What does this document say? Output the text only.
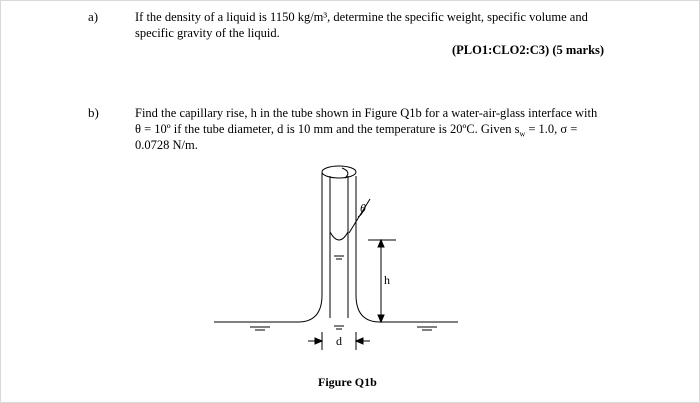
a)	If the density of a liquid is 1150 kg/m³, determine the specific weight, specific volume and
specific gravity of the liquid.
(PLO1:CLO2:C3) (5 marks)
b)	Find the capillary rise, h in the tube shown in Figure Q1b for a water-air-glass interface with
θ = 10º if the tube diameter, d is 10 mm and the temperature is 20ºC. Given $s_w = 1.0$, σ =
0.0728 N/m.
θ
h
d
Figure Q1b
